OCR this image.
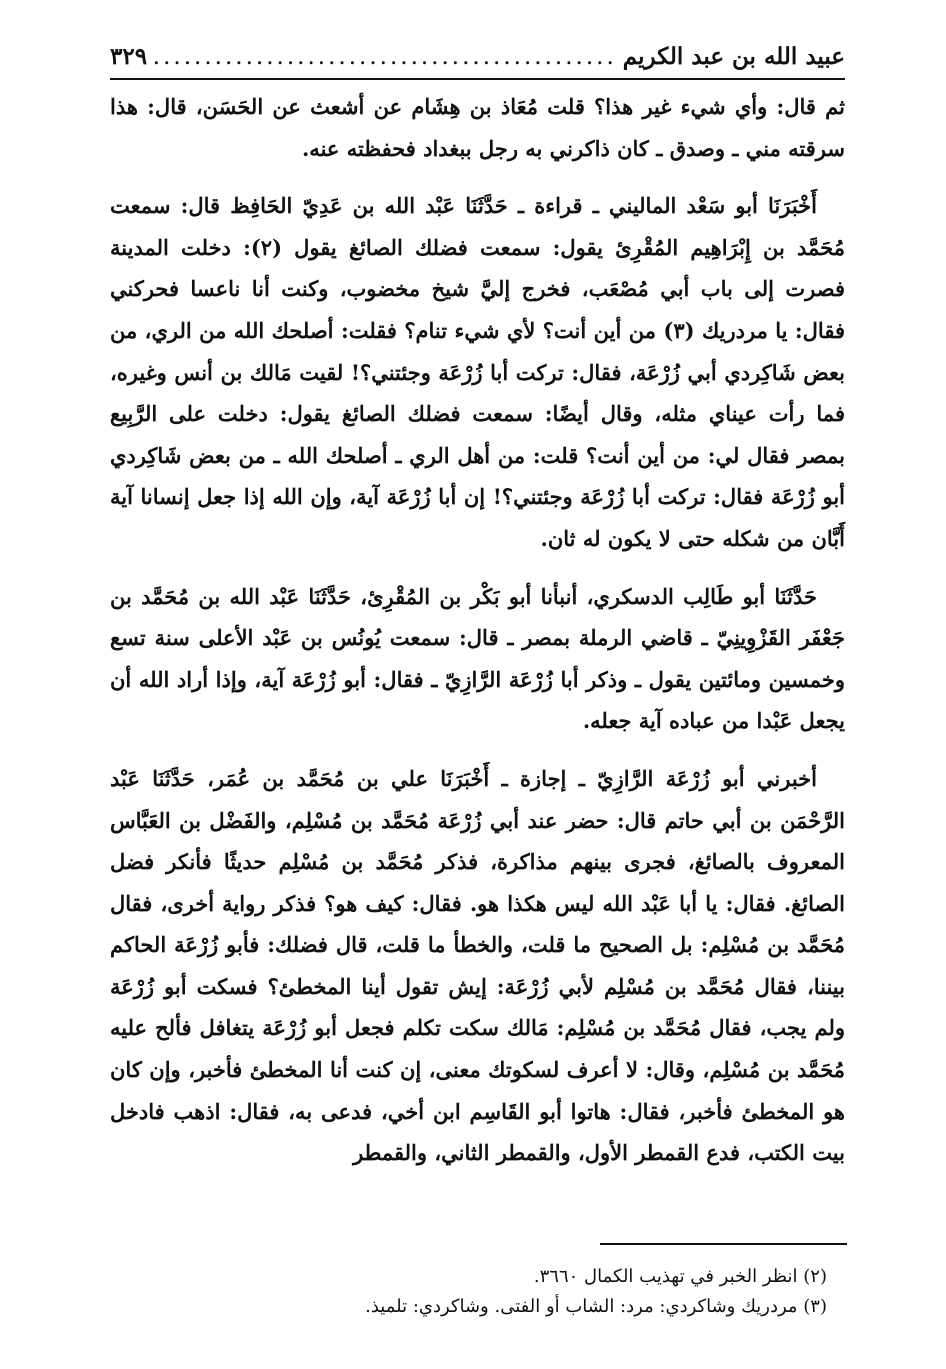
عبيد الله بن عبد الكريم
.....
٣٢٩

ثم قال: وأي شيء غير هذا؟ قلت مُعَاذ بن هِشَام عن أشعث عن الحَسَن، قال: هذا سرقته مني ـ وصدق ـ كان ذاكرني به رجل ببغداد فحفظته عنه.

أَخْبَرَنَا أبو سَعْد الماليني ـ قراءة ـ حَدَّثَنَا عَبْد الله بن عَدِيّ الحَافِظ قال: سمعت مُحَمَّد بن إِبْرَاهِيم المُقْرِئ يقول: سمعت فضلك الصائغ يقول (٢): دخلت المدينة فصرت إلى باب أبي مُصْعَب، فخرج إليَّ شيخ مخضوب، وكنت أنا ناعسا فحركني فقال: يا مردريك (٣) من أين أنت؟ لأي شيء تنام؟ فقلت: أصلحك الله من الري، من بعض شَاكِردي أبي زُرْعَة، فقال: تركت أبا زُرْعَة وجئتني؟! لقيت مَالك بن أنس وغيره، فما رأت عيناي مثله، وقال أيضًا: سمعت فضلك الصائغ يقول: دخلت على الرَّبِيع بمصر فقال لي: من أين أنت؟ قلت: من أهل الري ـ أصلحك الله ـ من بعض شَاكِردي أبو زُرْعَة فقال: تركت أبا زُرْعَة وجئتني؟! إن أبا زُرْعَة آية، وإن الله إذا جعل إنسانا آية أَبَّان من شكله حتى لا يكون له ثان.

حَدَّثَنَا أبو طَالِب الدسكري، أنبأنا أبو بَكْر بن المُقْرِئ، حَدَّثَنَا عَبْد الله بن مُحَمَّد بن جَعْفَر القَزْوِينِيّ ـ قاضي الرملة بمصر ـ قال: سمعت يُونُس بن عَبْد الأعلى سنة تسع وخمسين ومائتين يقول ـ وذكر أبا زُرْعَة الرَّازِيّ ـ فقال: أبو زُرْعَة آية، وإذا أراد الله أن يجعل عَبْدا من عباده آية جعله.

أخبرني أبو زُرْعَة الرَّازِيّ ـ إجازة ـ أَخْبَرَنَا علي بن مُحَمَّد بن عُمَر، حَدَّثَنَا عَبْد الرَّحْمَن بن أبي حاتم قال: حضر عند أبي زُرْعَة مُحَمَّد بن مُسْلِم، والفَضْل بن العَبَّاس المعروف بالصائغ، فجرى بينهم مذاكرة، فذكر مُحَمَّد بن مُسْلِم حديثًا فأنكر فضل الصائغ. فقال: يا أبا عَبْد الله ليس هكذا هو. فقال: كيف هو؟ فذكر رواية أخرى، فقال مُحَمَّد بن مُسْلِم: بل الصحيح ما قلت، والخطأ ما قلت، قال فضلك: فأبو زُرْعَة الحاكم بيننا، فقال مُحَمَّد بن مُسْلِم لأبي زُرْعَة: إيش تقول أينا المخطئ؟ فسكت أبو زُرْعَة ولم يجب، فقال مُحَمَّد بن مُسْلِم: مَالك سكت تكلم فجعل أبو زُرْعَة يتغافل فألح عليه مُحَمَّد بن مُسْلِم، وقال: لا أعرف لسكوتك معنى، إن كنت أنا المخطئ فأخبر، وإن كان هو المخطئ فأخبر، فقال: هاتوا أبو القَاسِم ابن أخي، فدعى به، فقال: اذهب فادخل بيت الكتب، فدع القمطر الأول، والقمطر الثاني، والقمطر

(٢) انظر الخبر في تهذيب الكمال ٣٦٦٠.

(٣) مردريك وشاكردي: مرد: الشاب أو الفتى. وشاكردي: تلميذ.
